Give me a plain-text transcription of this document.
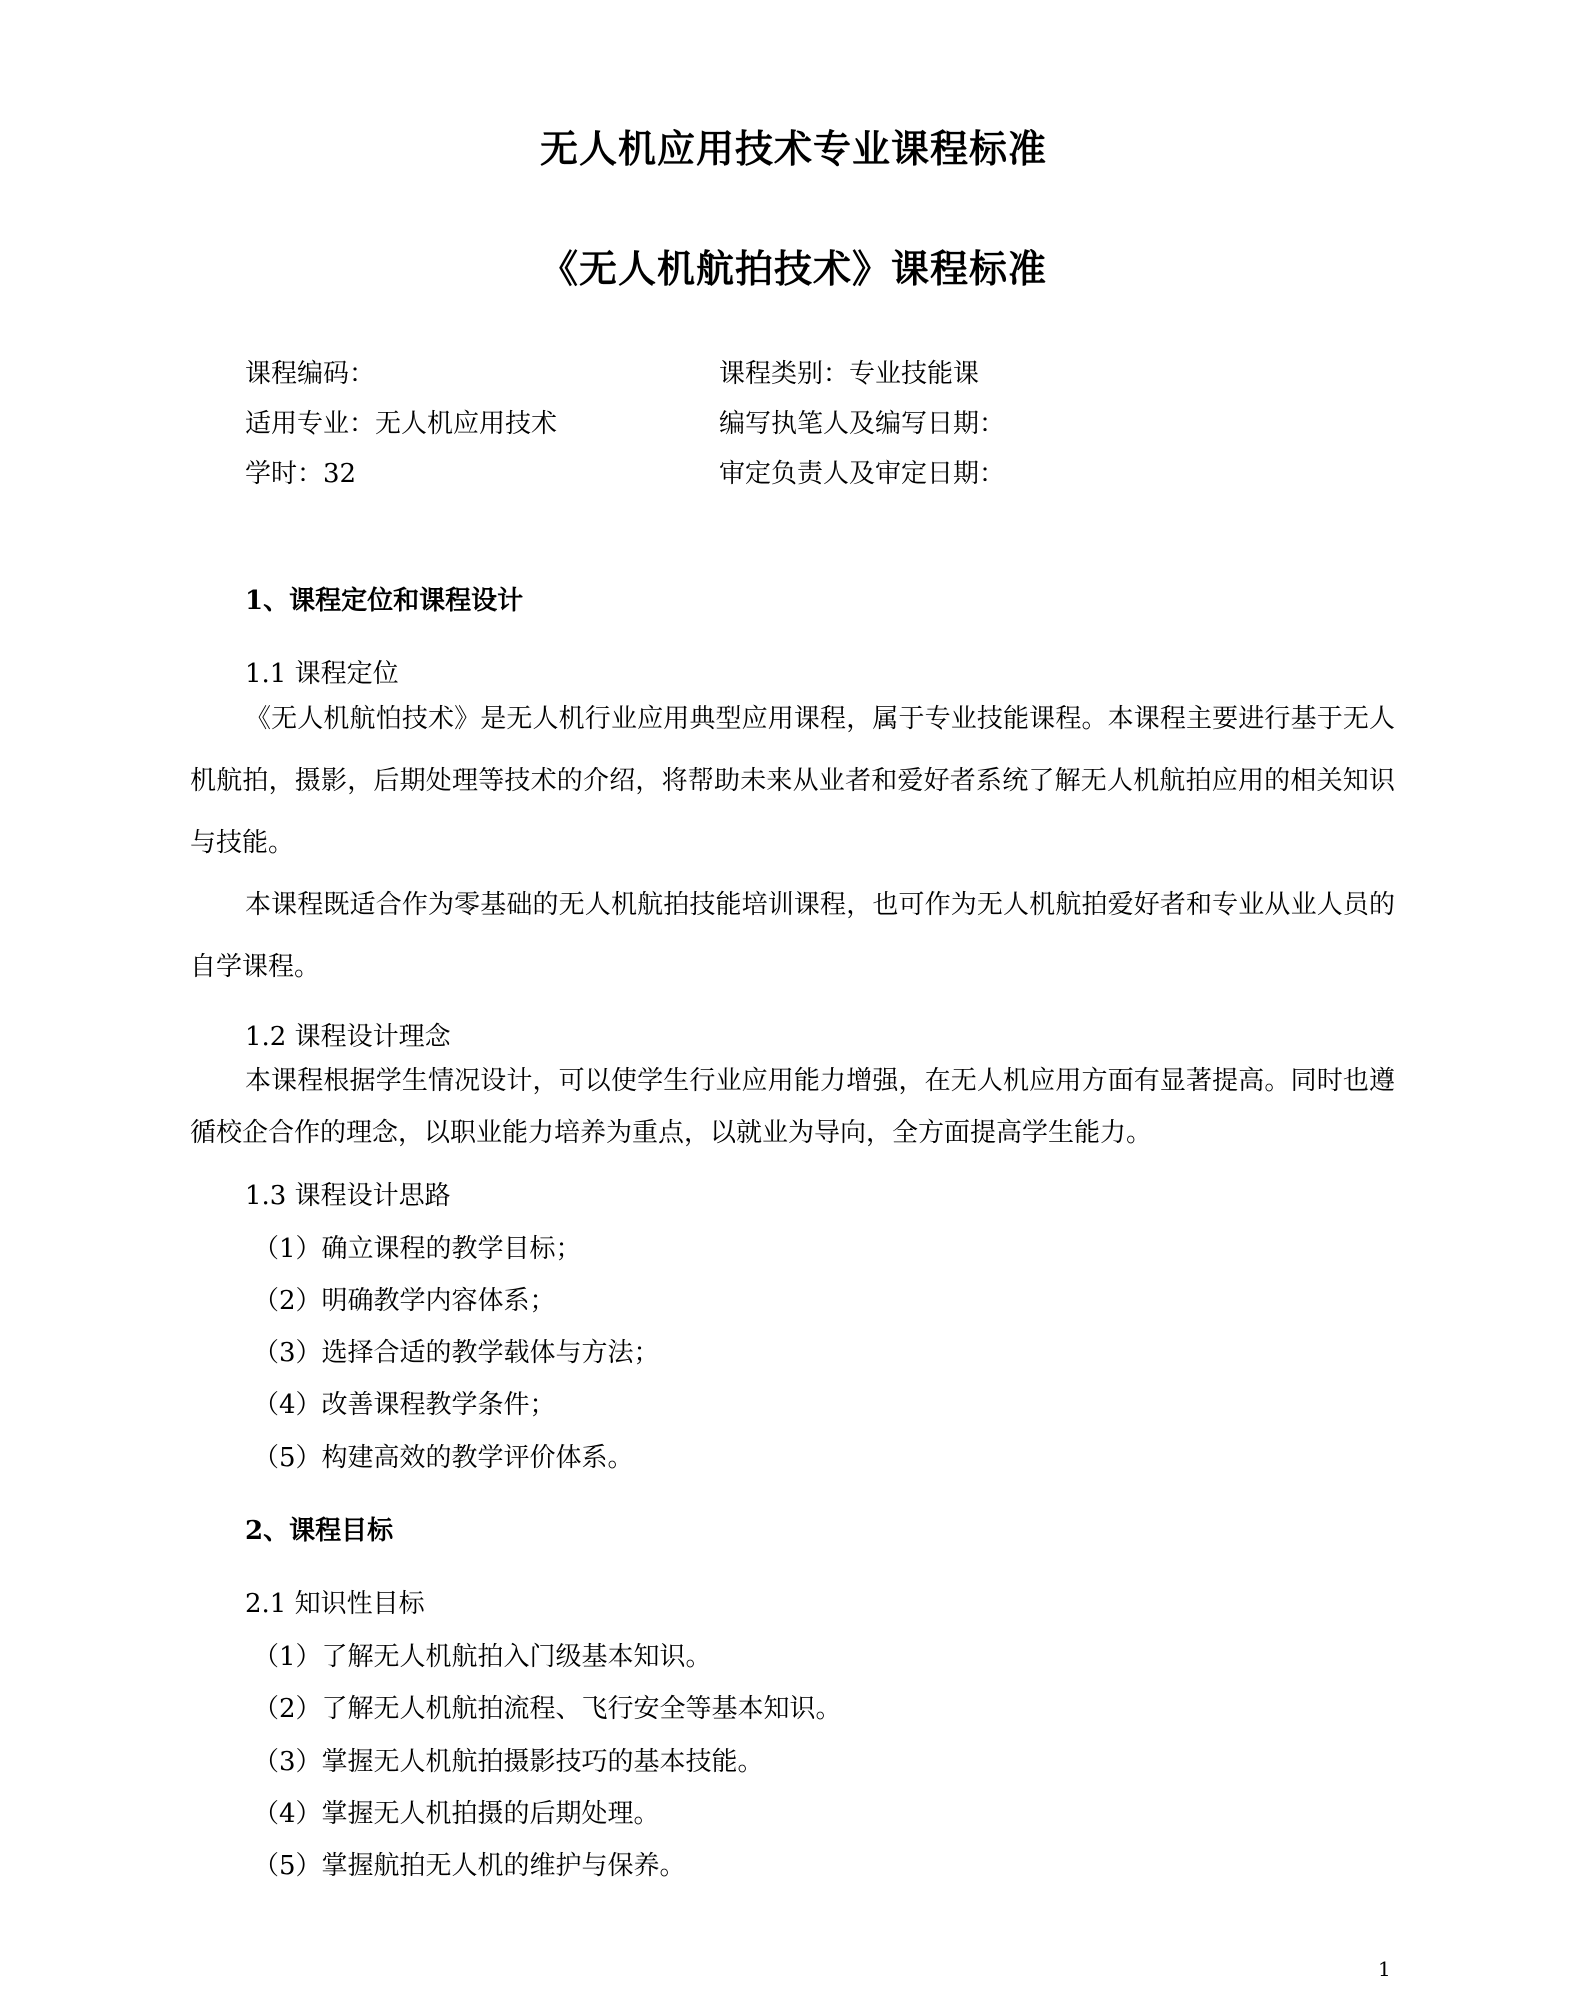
无人机应用技术专业课程标准
《无人机航拍技术》课程标准
课程编码：	课程类别：专业技能课
适用专业：无人机应用技术	编写执笔人及编写日期：
学时：32	审定负责人及审定日期：
1、课程定位和课程设计
1.1 课程定位
《无人机航怕技术》是无人机行业应用典型应用课程，属于专业技能课程。本课程主要进行基于无人机航拍，摄影，后期处理等技术的介绍，将帮助未来从业者和爱好者系统了解无人机航拍应用的相关知识与技能。
本课程既适合作为零基础的无人机航拍技能培训课程，也可作为无人机航拍爱好者和专业从业人员的自学课程。
1.2 课程设计理念
本课程根据学生情况设计，可以使学生行业应用能力增强，在无人机应用方面有显著提高。同时也遵循校企合作的理念，以职业能力培养为重点，以就业为导向，全方面提高学生能力。
1.3 课程设计思路
（1）确立课程的教学目标；
（2）明确教学内容体系；
（3）选择合适的教学载体与方法；
（4）改善课程教学条件；
（5）构建高效的教学评价体系。
2、课程目标
2.1 知识性目标
（1）了解无人机航拍入门级基本知识。
（2）了解无人机航拍流程、飞行安全等基本知识。
（3）掌握无人机航拍摄影技巧的基本技能。
（4）掌握无人机拍摄的后期处理。
（5）掌握航拍无人机的维护与保养。
1
